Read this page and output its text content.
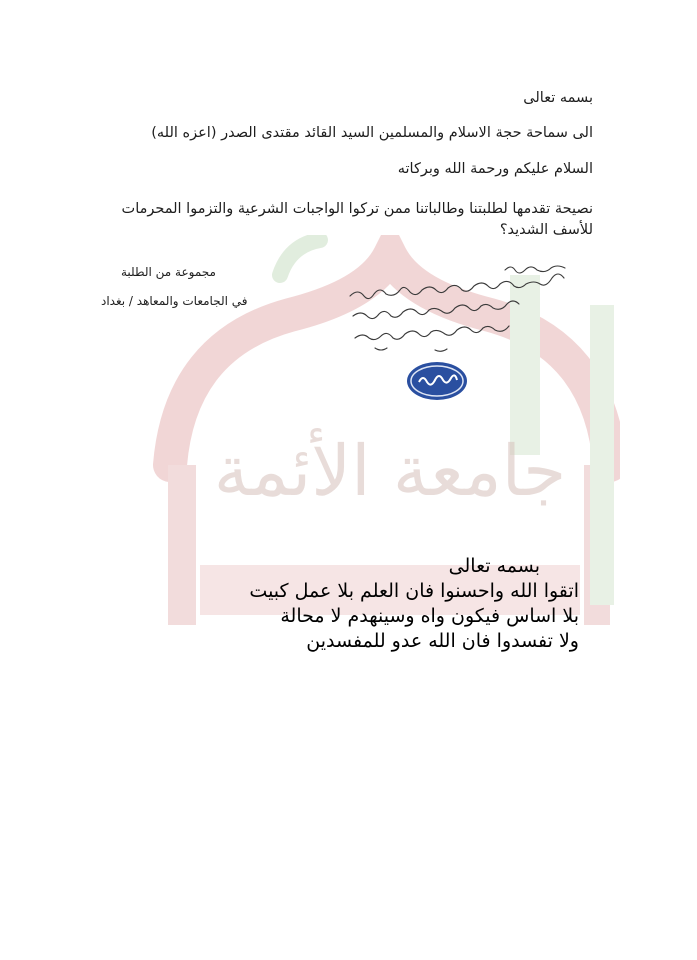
جامعة الأئمة
بسمه تعالى
الى سماحة حجة الاسلام والمسلمين السيد القائد مقتدى الصدر (اعزه الله)
السلام عليكم ورحمة الله وبركاته
نصيحة تقدمها لطلبتنا وطالباتنا ممن تركوا الواجبات الشرعية والتزموا المحرمات
للأسف الشديد؟
مجموعة من الطلبة
في الجامعات والمعاهد / بغداد
بسمه تعالى
اتقوا الله واحسنوا فان العلم بلا عمل كبيت
بلا اساس فيكون واه وسينهدم لا محالة
ولا تفسدوا فان الله عدو للمفسدين
